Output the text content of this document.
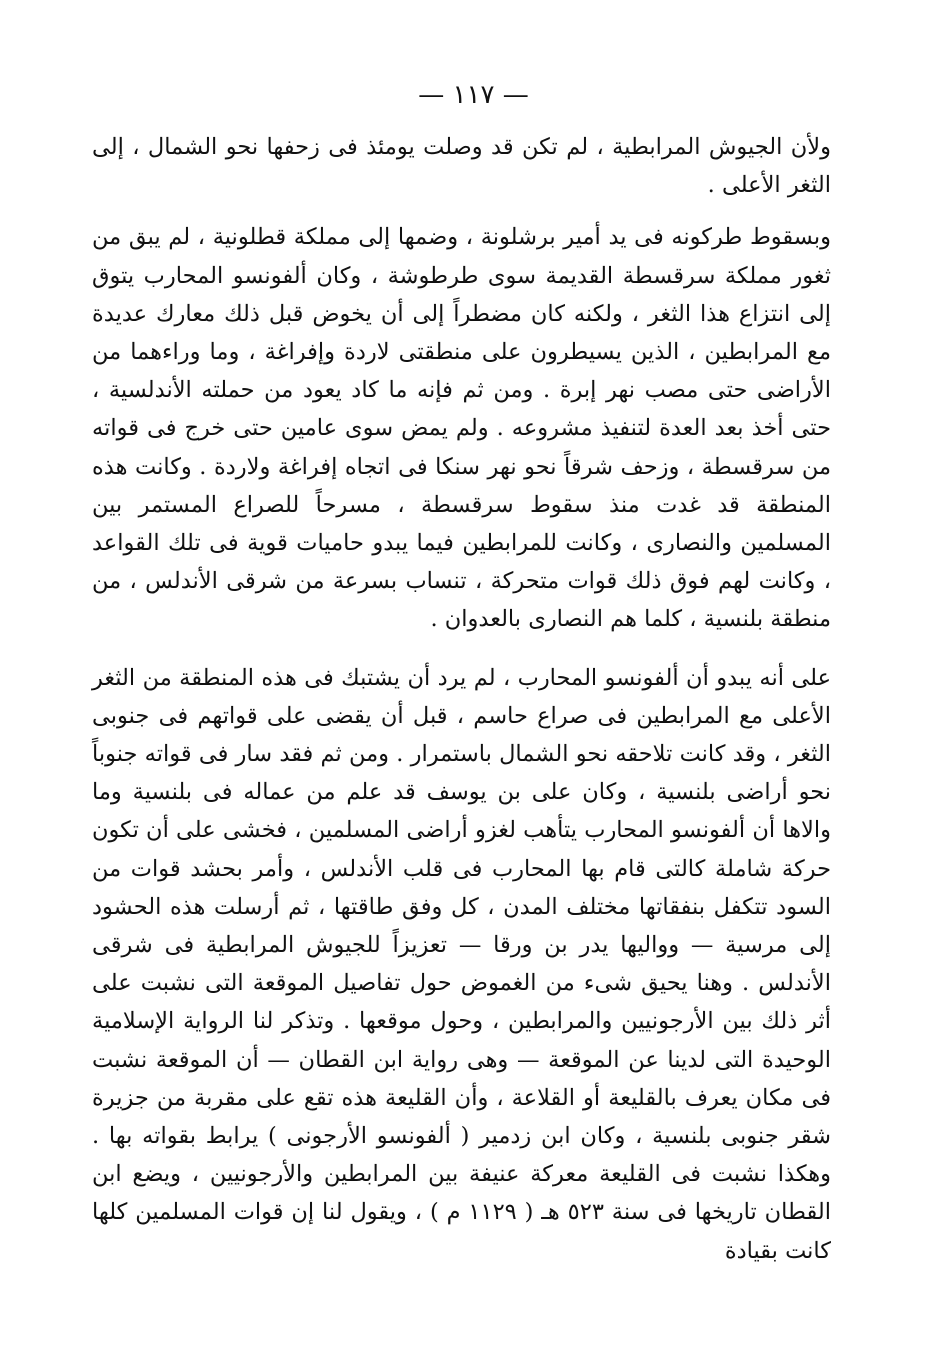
— ١١٧ —

ولأن الجيوش المرابطية ، لم تكن قد وصلت يومئذ فى زحفها نحو الشمال ، إلى الثغر الأعلى .

وبسقوط طركونه فى يد أمير برشلونة ، وضمها إلى مملكة قطلونية ، لم يبق من ثغور مملكة سرقسطة القديمة سوى طرطوشة ، وكان ألفونسو المحارب يتوق إلى انتزاع هذا الثغر ، ولكنه كان مضطراً إلى أن يخوض قبل ذلك معارك عديدة مع المرابطين ، الذين يسيطرون على منطقتى لاردة وإفراغة ، وما وراءهما من الأراضى حتى مصب نهر إبرة . ومن ثم فإنه ما كاد يعود من حملته الأندلسية ، حتى أخذ بعد العدة لتنفيذ مشروعه . ولم يمض سوى عامين حتى خرج فى قواته من سرقسطة ، وزحف شرقاً نحو نهر سنكا فى اتجاه إفراغة ولاردة . وكانت هذه المنطقة قد غدت منذ سقوط سرقسطة ، مسرحاً للصراع المستمر بين المسلمين والنصارى ، وكانت للمرابطين فيما يبدو حاميات قوية فى تلك القواعد ، وكانت لهم فوق ذلك قوات متحركة ، تنساب بسرعة من شرقى الأندلس ، من منطقة بلنسية ، كلما هم النصارى بالعدوان .

على أنه يبدو أن ألفونسو المحارب ، لم يرد أن يشتبك فى هذه المنطقة من الثغر الأعلى مع المرابطين فى صراع حاسم ، قبل أن يقضى على قواتهم فى جنوبى الثغر ، وقد كانت تلاحقه نحو الشمال باستمرار . ومن ثم فقد سار فى قواته جنوباً نحو أراضى بلنسية ، وكان على بن يوسف قد علم من عماله فى بلنسية وما والاها أن ألفونسو المحارب يتأهب لغزو أراضى المسلمين ، فخشى على أن تكون حركة شاملة كالتى قام بها المحارب فى قلب الأندلس ، وأمر بحشد قوات من السود تتكفل بنفقاتها مختلف المدن ، كل وفق طاقتها ، ثم أرسلت هذه الحشود إلى مرسية — وواليها يدر بن ورقا — تعزيزاً للجيوش المرابطية فى شرقى الأندلس . وهنا يحيق شىء من الغموض حول تفاصيل الموقعة التى نشبت على أثر ذلك بين الأرجونيين والمرابطين ، وحول موقعها . وتذكر لنا الرواية الإسلامية الوحيدة التى لدينا عن الموقعة — وهى رواية ابن القطان — أن الموقعة نشبت فى مكان يعرف بالقليعة أو القلاعة ، وأن القليعة هذه تقع على مقربة من جزيرة شقر جنوبى بلنسية ، وكان ابن زدمير ( ألفونسو الأرجونى ) يرابط بقواته بها . وهكذا نشبت فى القليعة معركة عنيفة بين المرابطين والأرجونيين ، ويضع ابن القطان تاريخها فى سنة ٥٢٣ هـ ( ١١٢٩ م ) ، ويقول لنا إن قوات المسلمين كلها كانت بقيادة
